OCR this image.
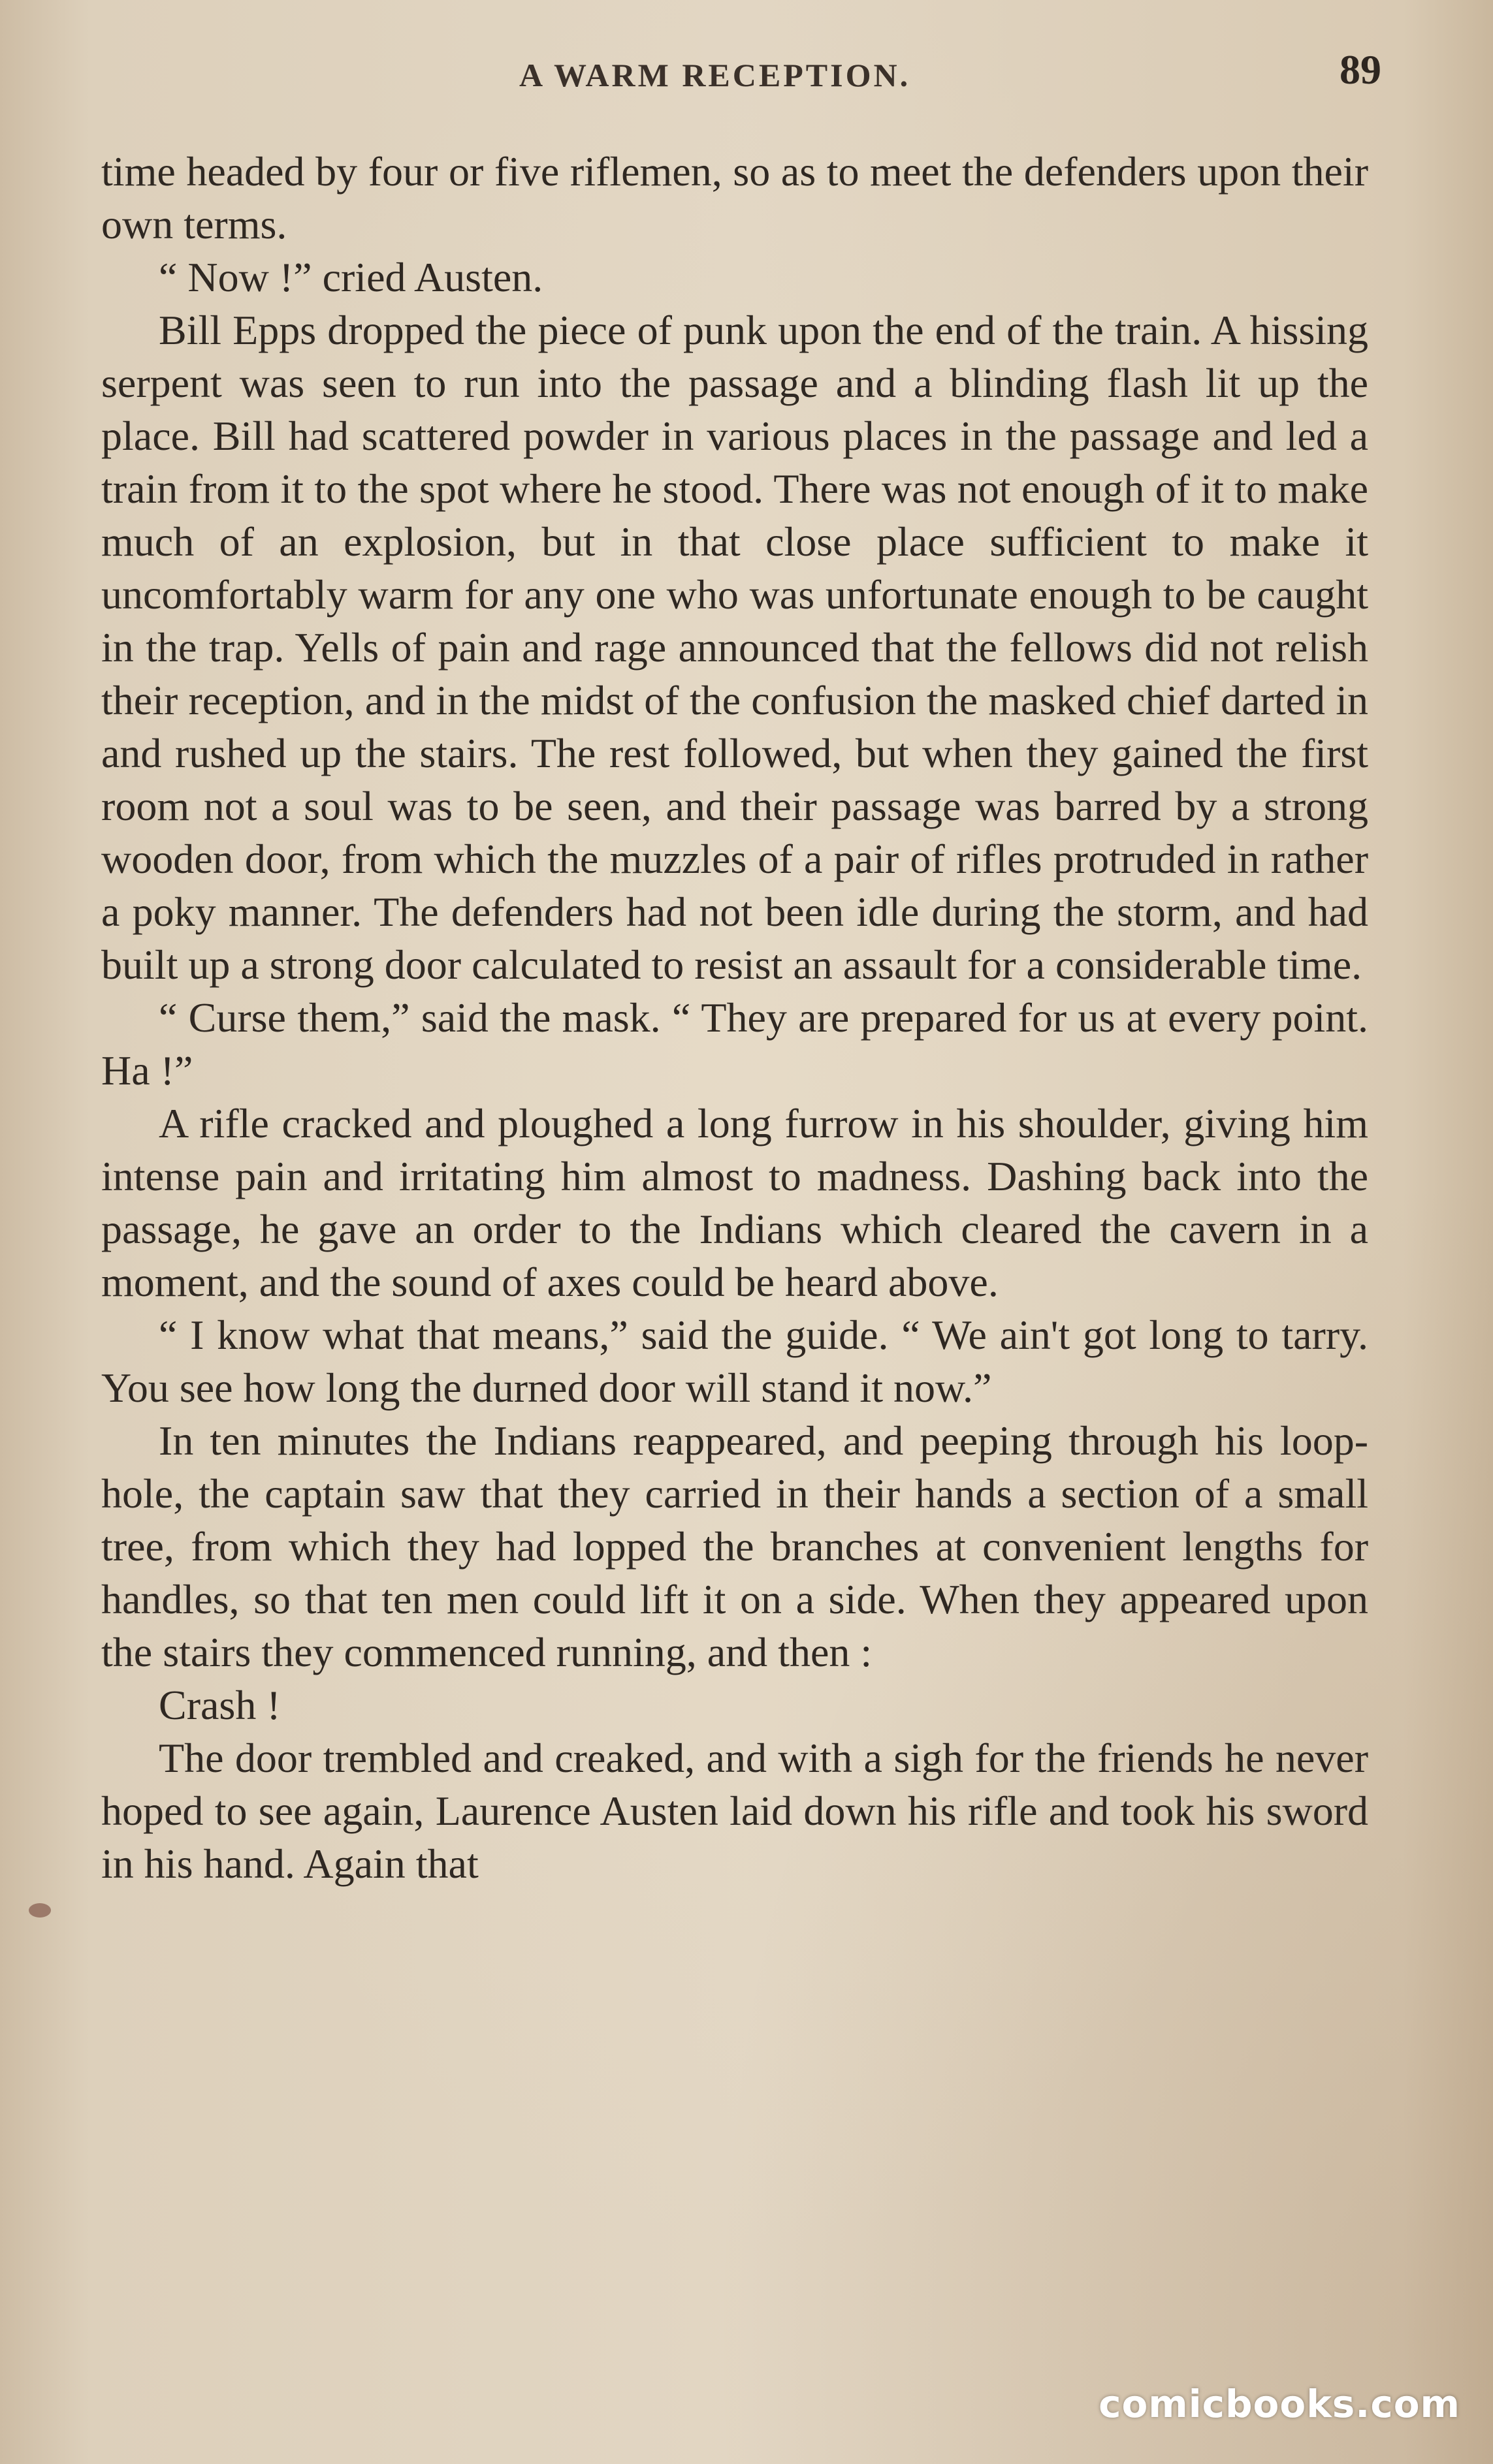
A WARM RECEPTION.	89

time headed by four or five riflemen, so as to meet the defenders upon their own terms.

“ Now !” cried Austen.

Bill Epps dropped the piece of punk upon the end of the train. A hissing serpent was seen to run into the passage and a blinding flash lit up the place. Bill had scattered powder in various places in the passage and led a train from it to the spot where he stood. There was not enough of it to make much of an explosion, but in that close place sufficient to make it uncomfortably warm for any one who was unfortunate enough to be caught in the trap. Yells of pain and rage announced that the fellows did not relish their reception, and in the midst of the confusion the masked chief darted in and rushed up the stairs. The rest followed, but when they gained the first room not a soul was to be seen, and their passage was barred by a strong wooden door, from which the muzzles of a pair of rifles protruded in rather a poky manner. The defenders had not been idle during the storm, and had built up a strong door calculated to resist an assault for a considerable time.

“ Curse them,” said the mask. “ They are prepared for us at every point. Ha !”

A rifle cracked and ploughed a long furrow in his shoulder, giving him intense pain and irritating him almost to madness. Dashing back into the passage, he gave an order to the Indians which cleared the cavern in a moment, and the sound of axes could be heard above.

“ I know what that means,” said the guide. “ We ain't got long to tarry. You see how long the durned door will stand it now.”

In ten minutes the Indians reappeared, and peeping through his loop-hole, the captain saw that they carried in their hands a section of a small tree, from which they had lopped the branches at convenient lengths for handles, so that ten men could lift it on a side. When they appeared upon the stairs they commenced running, and then :

Crash !

The door trembled and creaked, and with a sigh for the friends he never hoped to see again, Laurence Austen laid down his rifle and took his sword in his hand. Again that

comicbooks.com
